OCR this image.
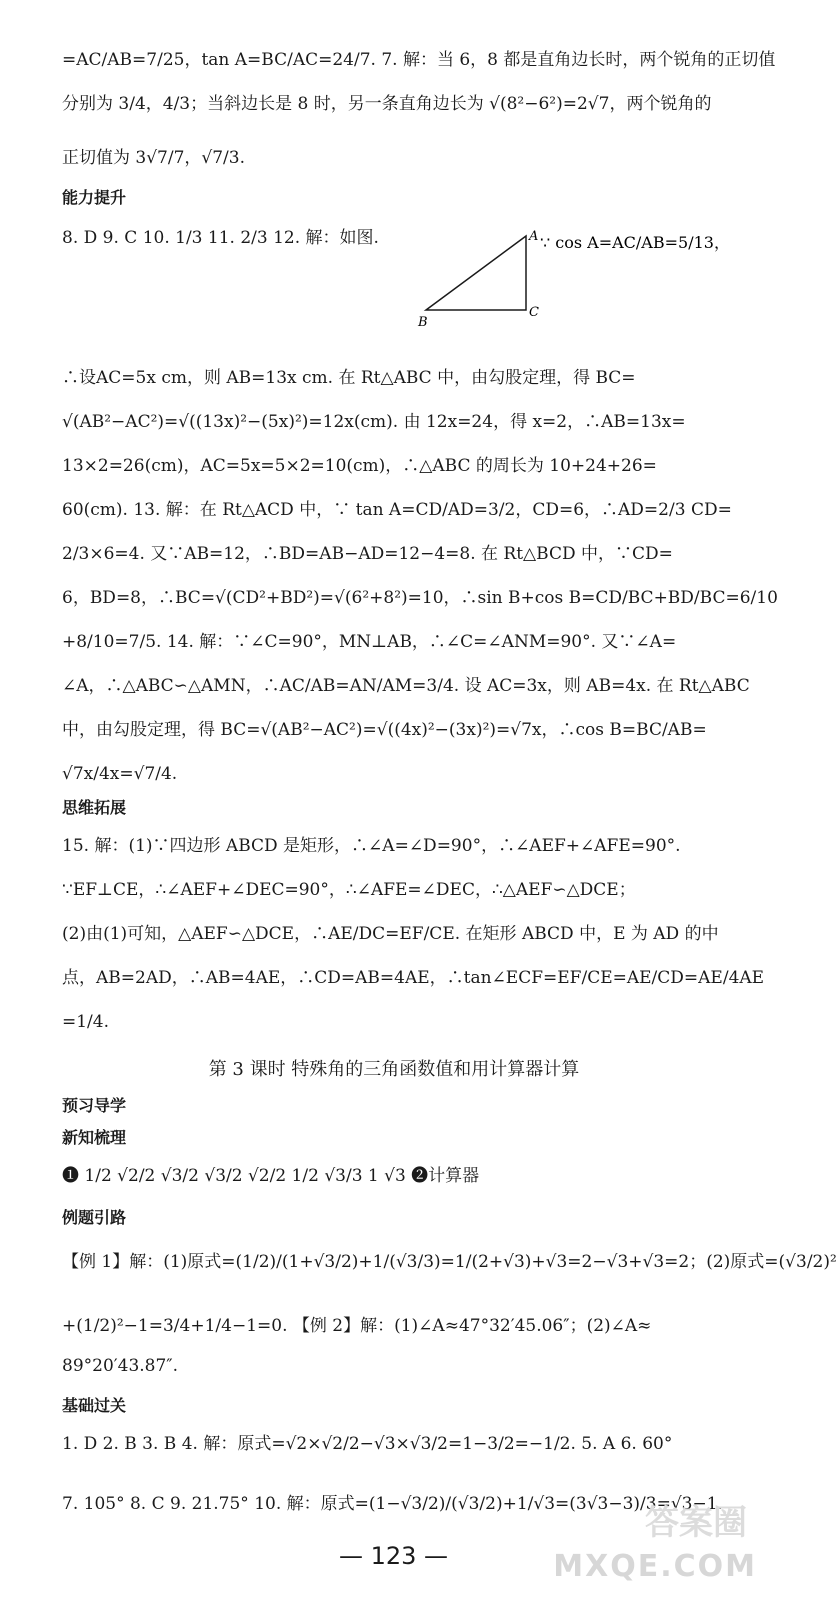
=AC/AB=7/25，tan A=BC/AC=24/7. 7. 解：当 6，8 都是直角边长时，两个锐角的正切值
分别为 3/4，4/3；当斜边长是 8 时，另一条直角边长为 √(8²−6²)=2√7，两个锐角的
正切值为 3√7/7，√7/3.
能力提升
8. D 9. C 10. 1/3 11. 2/3 12. 解：如图.
∴设AC=5x cm，则 AB=13x cm. 在 Rt△ABC 中，由勾股定理，得 BC=
√(AB²−AC²)=√((13x)²−(5x)²)=12x(cm). 由 12x=24，得 x=2，∴AB=13x=
13×2=26(cm)，AC=5x=5×2=10(cm)，∴△ABC 的周长为 10+24+26=
60(cm). 13. 解：在 Rt△ACD 中，∵ tan A=CD/AD=3/2，CD=6，∴AD=2/3 CD=
2/3×6=4. 又∵AB=12，∴BD=AB−AD=12−4=8. 在 Rt△BCD 中，∵CD=
6，BD=8，∴BC=√(CD²+BD²)=√(6²+8²)=10，∴sin B+cos B=CD/BC+BD/BC=6/10
+8/10=7/5. 14. 解：∵∠C=90°，MN⊥AB，∴∠C=∠ANM=90°. 又∵∠A=
∠A，∴△ABC∽△AMN，∴AC/AB=AN/AM=3/4. 设 AC=3x，则 AB=4x. 在 Rt△ABC
中，由勾股定理，得 BC=√(AB²−AC²)=√((4x)²−(3x)²)=√7x，∴cos B=BC/AB=
√7x/4x=√7/4.
思维拓展
15. 解：(1)∵四边形 ABCD 是矩形，∴∠A=∠D=90°，∴∠AEF+∠AFE=90°.
∵EF⊥CE，∴∠AEF+∠DEC=90°，∴∠AFE=∠DEC，∴△AEF∽△DCE；
(2)由(1)可知，△AEF∽△DCE，∴AE/DC=EF/CE. 在矩形 ABCD 中，E 为 AD 的中
点，AB=2AD，∴AB=4AE，∴CD=AB=4AE，∴tan∠ECF=EF/CE=AE/CD=AE/4AE
=1/4.
第 3 课时 特殊角的三角函数值和用计算器计算
预习导学
新知梳理
❶ 1/2 √2/2 √3/2 √3/2 √2/2 1/2 √3/3 1 √3 ❷计算器
例题引路
【例 1】解：(1)原式=(1/2)/(1+√3/2)+1/(√3/3)=1/(2+√3)+√3=2−√3+√3=2；(2)原式=(√3/2)²
+(1/2)²−1=3/4+1/4−1=0. 【例 2】解：(1)∠A≈47°32′45.06″；(2)∠A≈
89°20′43.87″.
基础过关
1. D 2. B 3. B 4. 解：原式=√2×√2/2−√3×√3/2=1−3/2=−1/2. 5. A 6. 60°
7. 105° 8. C 9. 21.75° 10. 解：原式=(1−√3/2)/(√3/2)+1/√3=(3√3−3)/3=√3−1.
B
A
C
∵ cos A=AC/AB=5/13，
— 123 —
答案圈
MXQE.COM
